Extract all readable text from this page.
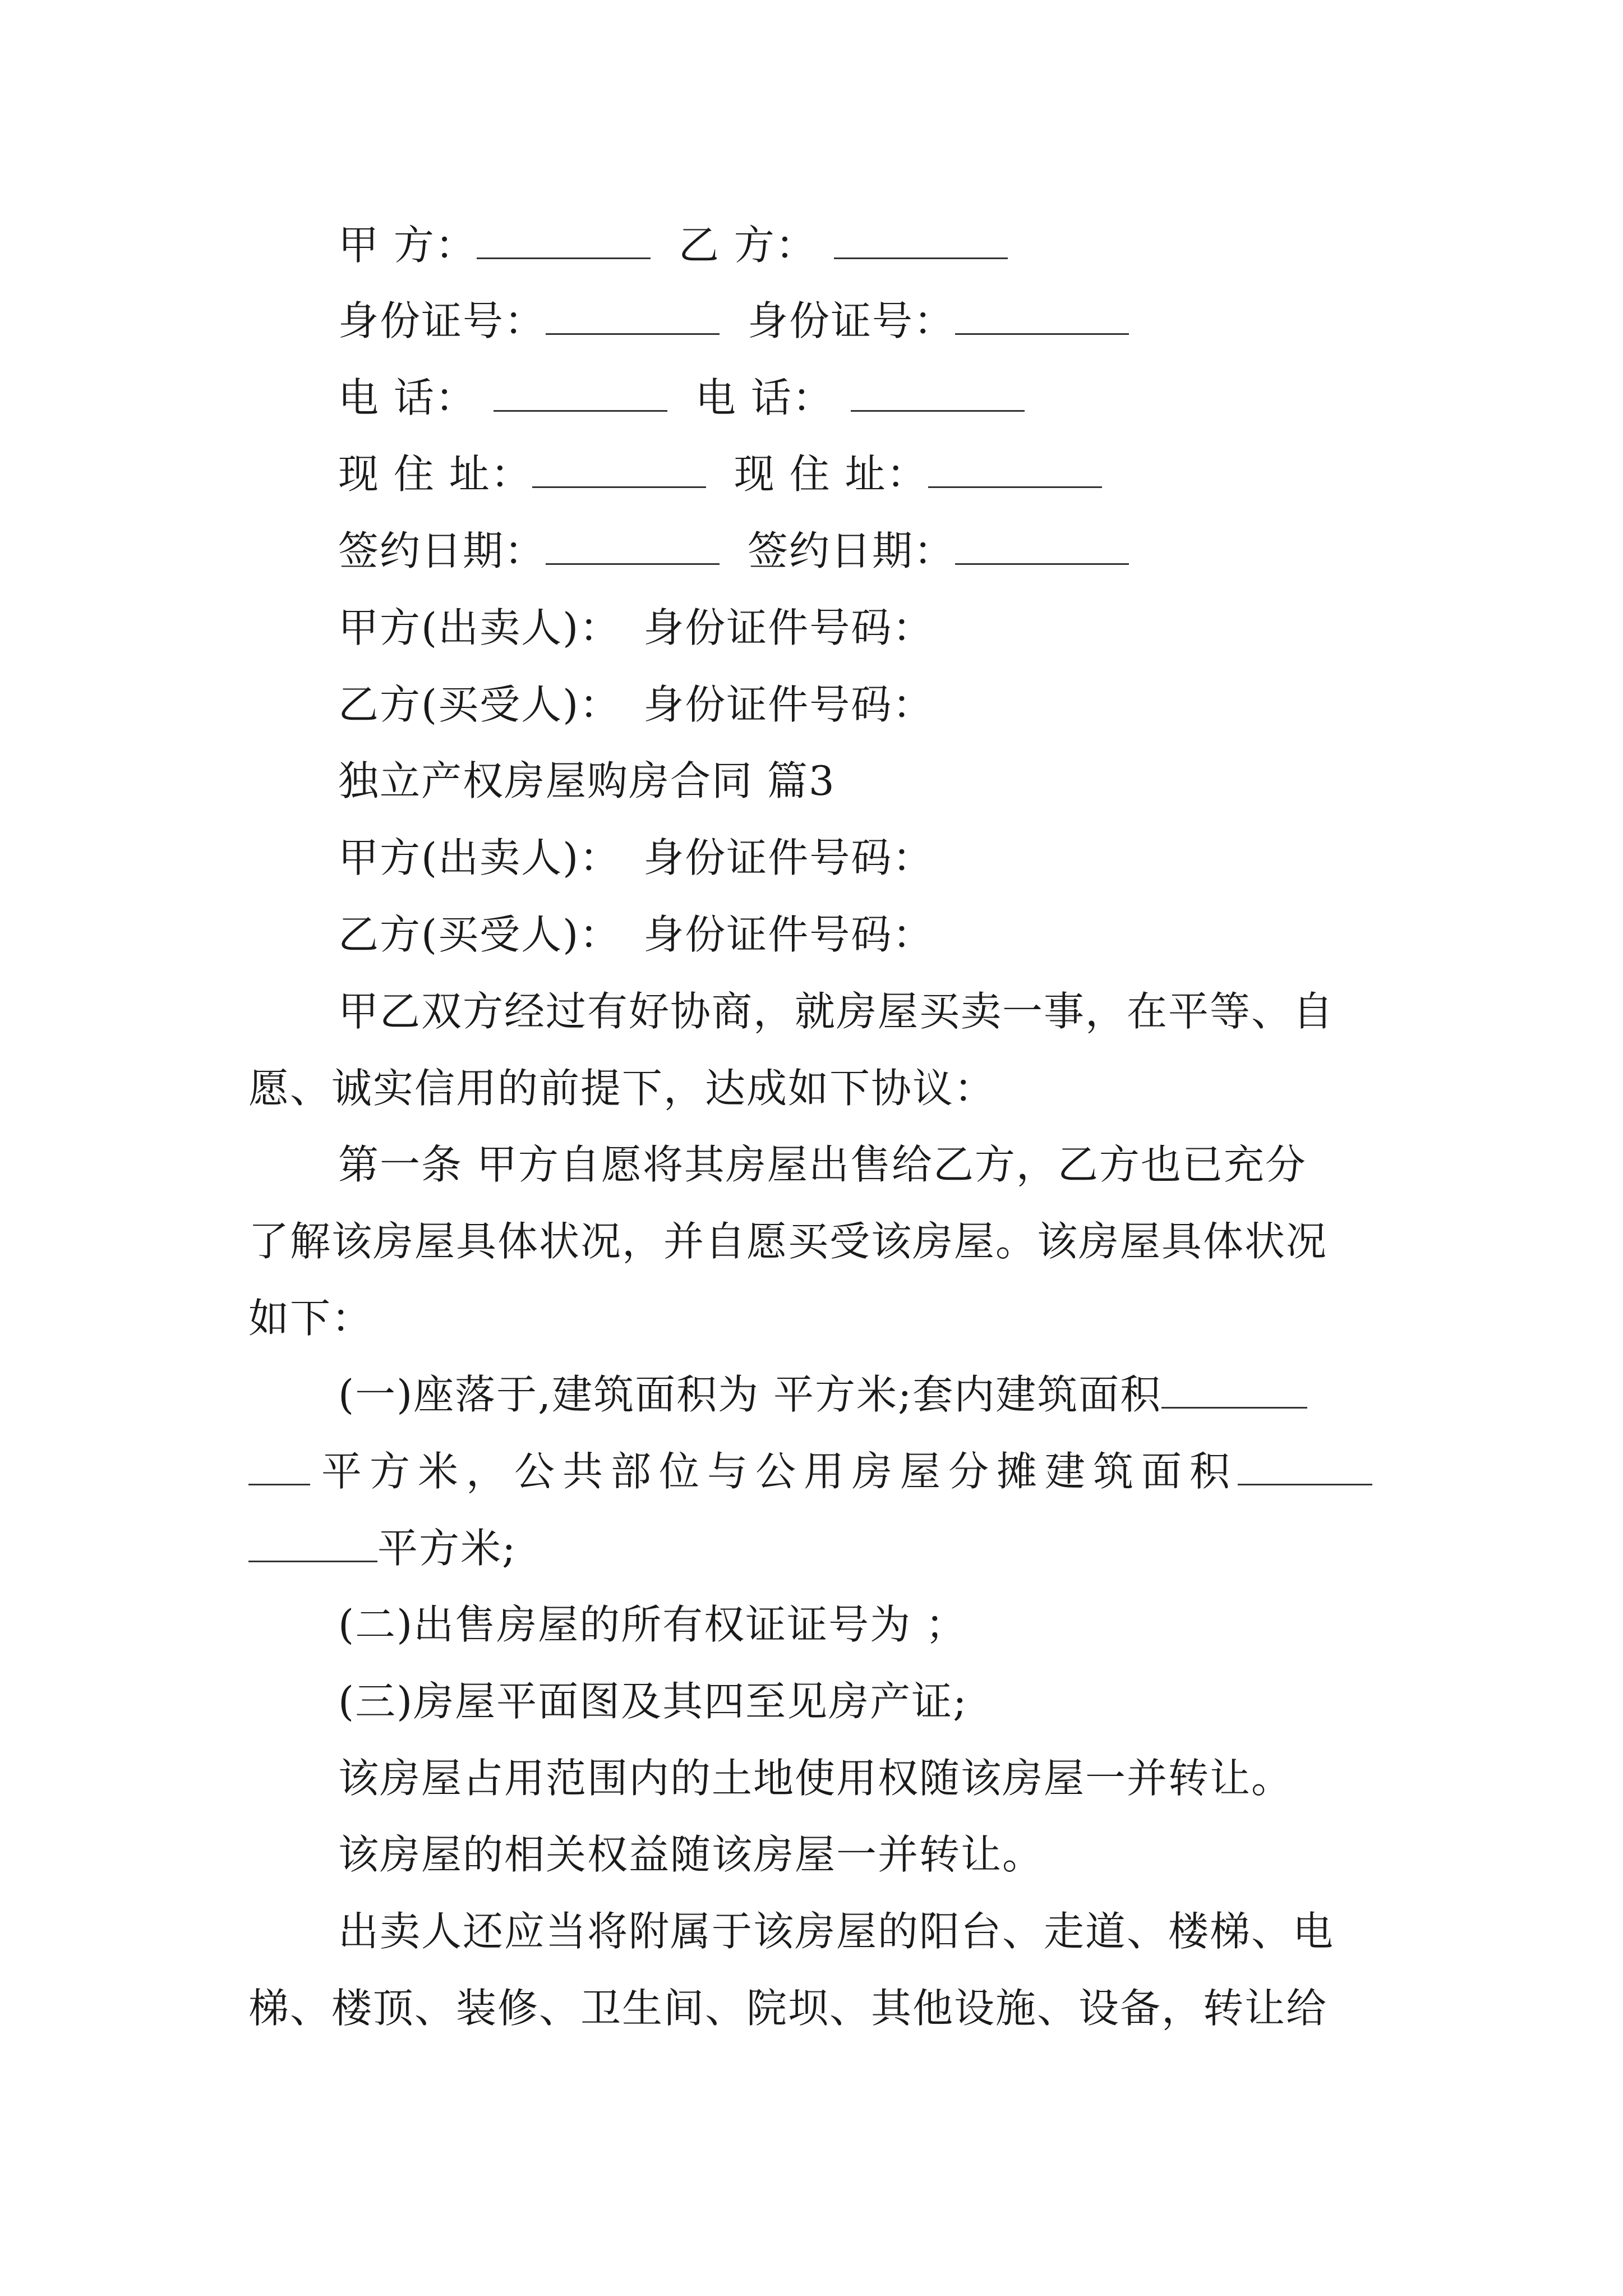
甲 方：	乙 方：
身份证号：	身份证号：
电 话：	电 话：
现 住 址：	现 住 址：
签约日期：	签约日期：
甲方(出卖人)： 身份证件号码：
乙方(买受人)： 身份证件号码：
独立产权房屋购房合同 篇3
甲方(出卖人)： 身份证件号码：
乙方(买受人)： 身份证件号码：
甲乙双方经过有好协商，就房屋买卖一事，在平等、自
愿、诚实信用的前提下，达成如下协议：
第一条 甲方自愿将其房屋出售给乙方，乙方也已充分
了解该房屋具体状况，并自愿买受该房屋。该房屋具体状况
如下：
(一)座落于,建筑面积为 平方米;套内建筑面积
平方米，公共部位与公用房屋分摊建筑面积
平方米;
(二)出售房屋的所有权证证号为 ；
(三)房屋平面图及其四至见房产证;
该房屋占用范围内的土地使用权随该房屋一并转让。
该房屋的相关权益随该房屋一并转让。
出卖人还应当将附属于该房屋的阳台、走道、楼梯、电
梯、楼顶、装修、卫生间、院坝、其他设施、设备，转让给
